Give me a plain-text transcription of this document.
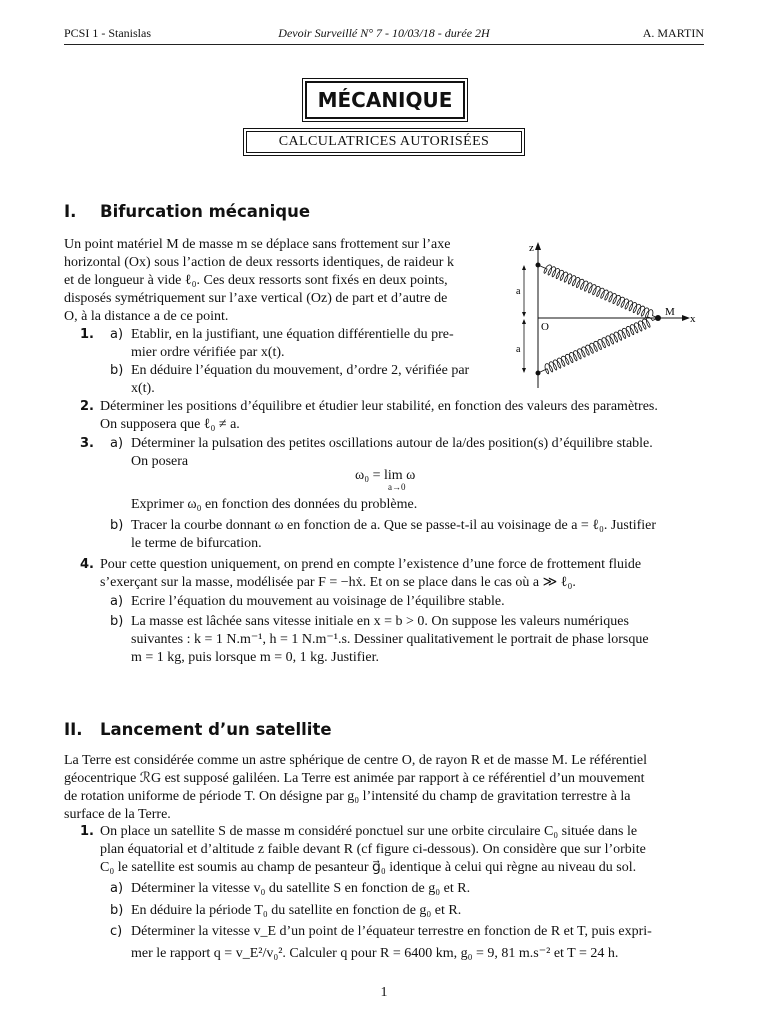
PCSI 1 - Stanislas	Devoir Surveillé N° 7 - 10/03/18 - durée 2H	A. MARTIN
MÉCANIQUE
CALCULATRICES AUTORISÉES
I. Bifurcation mécanique
Un point matériel M de masse m se déplace sans frottement sur l’axe
horizontal (Ox) sous l’action de deux ressorts identiques, de raideur k
et de longueur à vide ℓ₀. Ces deux ressorts sont fixés en deux points,
disposés symétriquement sur l’axe vertical (Oz) de part et d’autre de
O, à la distance a de ce point.
1. a) Etablir, en la justifiant, une équation différentielle du pre-
mier ordre vérifiée par x(t).
b) En déduire l’équation du mouvement, d’ordre 2, vérifiée par
x(t).
z
x
O
a
a
M
2. Déterminer les positions d’équilibre et étudier leur stabilité, en fonction des valeurs des paramètres.
On supposera que ℓ₀ ≠ a.
3. a) Déterminer la pulsation des petites oscillations autour de la/des position(s) d’équilibre stable.
On posera
ω₀ = lim ω
a→0
Exprimer ω₀ en fonction des données du problème.
b) Tracer la courbe donnant ω en fonction de a. Que se passe-t-il au voisinage de a = ℓ₀. Justifier
le terme de bifurcation.
4. Pour cette question uniquement, on prend en compte l’existence d’une force de frottement fluide
s’exerçant sur la masse, modélisée par F = −hẋ. Et on se place dans le cas où a ≫ ℓ₀.
a) Ecrire l’équation du mouvement au voisinage de l’équilibre stable.
b) La masse est lâchée sans vitesse initiale en x = b > 0. On suppose les valeurs numériques
suivantes : k = 1 N.m⁻¹, h = 1 N.m⁻¹.s. Dessiner qualitativement le portrait de phase lorsque
m = 1 kg, puis lorsque m = 0, 1 kg. Justifier.
II. Lancement d’un satellite
La Terre est considérée comme un astre sphérique de centre O, de rayon R et de masse M. Le référentiel
géocentrique ℛG est supposé galiléen. La Terre est animée par rapport à ce référentiel d’un mouvement
de rotation uniforme de période T. On désigne par g₀ l’intensité du champ de gravitation terrestre à la
surface de la Terre.
1. On place un satellite S de masse m considéré ponctuel sur une orbite circulaire C₀ située dans le
plan équatorial et d’altitude z faible devant R (cf figure ci-dessous). On considère que sur l’orbite
C₀ le satellite est soumis au champ de pesanteur g⃗₀ identique à celui qui règne au niveau du sol.
a) Déterminer la vitesse v₀ du satellite S en fonction de g₀ et R.
b) En déduire la période T₀ du satellite en fonction de g₀ et R.
c) Déterminer la vitesse v_E d’un point de l’équateur terrestre en fonction de R et T, puis expri-
mer le rapport q = v_E²/v₀². Calculer q pour R = 6400 km, g₀ = 9, 81 m.s⁻² et T = 24 h.
1
